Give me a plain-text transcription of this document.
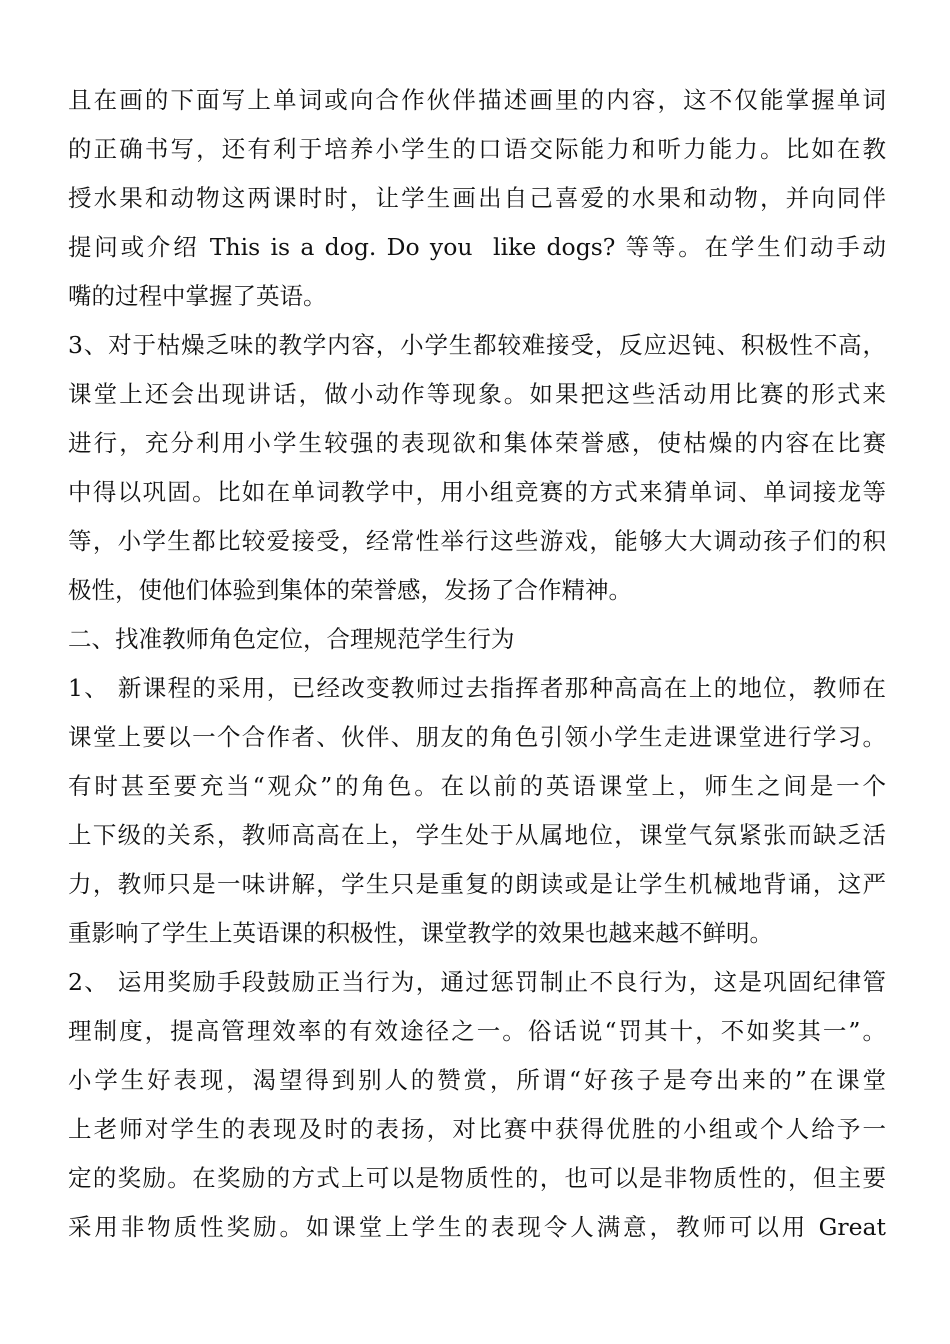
且在画的下面写上单词或向合作伙伴描述画里的内容，这不仅能掌握单词
的正确书写，还有利于培养小学生的口语交际能力和听力能力。比如在教
授水果和动物这两课时时，让学生画出自己喜爱的水果和动物，并向同伴
提问或介绍 This is a dog. Do you  like dogs? 等等。在学生们动手动
嘴的过程中掌握了英语。
3、对于枯燥乏味的教学内容，小学生都较难接受，反应迟钝、积极性不高，
课堂上还会出现讲话，做小动作等现象。如果把这些活动用比赛的形式来
进行，充分利用小学生较强的表现欲和集体荣誉感，使枯燥的内容在比赛
中得以巩固。比如在单词教学中，用小组竞赛的方式来猜单词、单词接龙等
等，小学生都比较爱接受，经常性举行这些游戏，能够大大调动孩子们的积
极性，使他们体验到集体的荣誉感，发扬了合作精神。
二、找准教师角色定位，合理规范学生行为
1、 新课程的采用，已经改变教师过去指挥者那种高高在上的地位，教师在
课堂上要以一个合作者、伙伴、朋友的角色引领小学生走进课堂进行学习。
有时甚至要充当“观众”的角色。在以前的英语课堂上，师生之间是一个
上下级的关系，教师高高在上，学生处于从属地位，课堂气氛紧张而缺乏活
力，教师只是一味讲解，学生只是重复的朗读或是让学生机械地背诵，这严
重影响了学生上英语课的积极性，课堂教学的效果也越来越不鲜明。
2、 运用奖励手段鼓励正当行为，通过惩罚制止不良行为，这是巩固纪律管
理制度，提高管理效率的有效途径之一。俗话说“罚其十，不如奖其一”。
小学生好表现，渴望得到别人的赞赏，所谓“好孩子是夸出来的”在课堂
上老师对学生的表现及时的表扬，对比赛中获得优胜的小组或个人给予一
定的奖励。在奖励的方式上可以是物质性的，也可以是非物质性的，但主要
采用非物质性奖励。如课堂上学生的表现令人满意，教师可以用 Great
